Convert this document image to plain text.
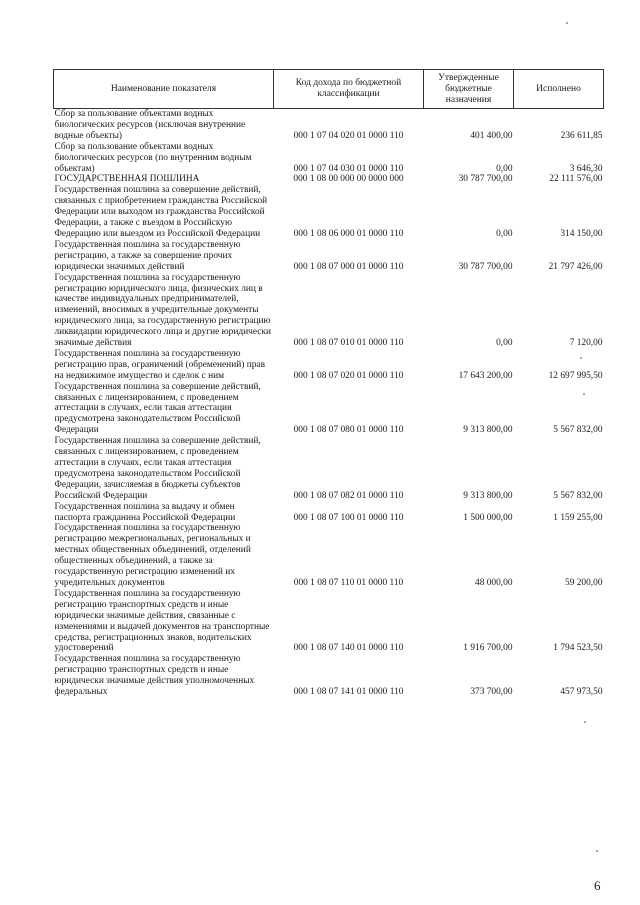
Наименование показателя	Код дохода по бюджетной классификации	Утвержденные бюджетные назначения	Исполнено
Сбор за пользование объектами водных биологических ресурсов (исключая внутренние водные объекты)	000 1 07 04 020 01 0000 110	401 400,00	236 611,85
Сбор за пользование объектами водных биологических ресурсов (по внутренним водным объектам)	000 1 07 04 030 01 0000 110	0,00	3 646,30
ГОСУДАРСТВЕННАЯ ПОШЛИНА	000 1 08 00 000 00 0000 000	30 787 700,00	22 111 576,00
Государственная пошлина за совершение действий, связанных с приобретением гражданства Российской Федерации или выходом из гражданства Российской Федерации, а также с въездом в Российскую Федерацию или выездом из Российской Федерации	000 1 08 06 000 01 0000 110	0,00	314 150,00
Государственная пошлина за государственную регистрацию, а также за совершение прочих юридически значимых действий	000 1 08 07 000 01 0000 110	30 787 700,00	21 797 426,00
Государственная пошлина за государственную регистрацию юридического лица, физических лиц в качестве индивидуальных предпринимателей, изменений, вносимых в учредительные документы юридического лица, за государственную регистрацию ликвидации юридического лица и другие юридически значимые действия	000 1 08 07 010 01 0000 110	0,00	7 120,00
Государственная пошлина за государственную регистрацию прав, ограничений (обременений) прав на недвижимое имущество и сделок с ним	000 1 08 07 020 01 0000 110	17 643 200,00	12 697 995,50
Государственная пошлина за совершение действий, связанных с лицензированием, с проведением аттестации в случаях, если такая аттестация предусмотрена законодательством Российской Федерации	000 1 08 07 080 01 0000 110	9 313 800,00	5 567 832,00
Государственная пошлина за совершение действий, связанных с лицензированием, с проведением аттестации в случаях, если такая аттестация предусмотрена законодательством Российской Федерации, зачисляемая в бюджеты субъектов Российской Федерации	000 1 08 07 082 01 0000 110	9 313 800,00	5 567 832,00
Государственная пошлина за выдачу и обмен паспорта гражданина Российской Федерации	000 1 08 07 100 01 0000 110	1 500 000,00	1 159 255,00
Государственная пошлина за государственную регистрацию межрегиональных, региональных и местных общественных объединений, отделений общественных объединений, а также за государственную регистрацию изменений их учредительных документов	000 1 08 07 110 01 0000 110	48 000,00	59 200,00
Государственная пошлина за государственную регистрацию транспортных средств и иные юридически значимые действия, связанные с изменениями и выдачей документов на транспортные средства, регистрационных знаков, водительских удостоверений	000 1 08 07 140 01 0000 110	1 916 700,00	1 794 523,50
Государственная пошлина за государственную регистрацию транспортных средств и иные юридически значимые действия уполномоченных федеральных	000 1 08 07 141 01 0000 110	373 700,00	457 973,50
6
